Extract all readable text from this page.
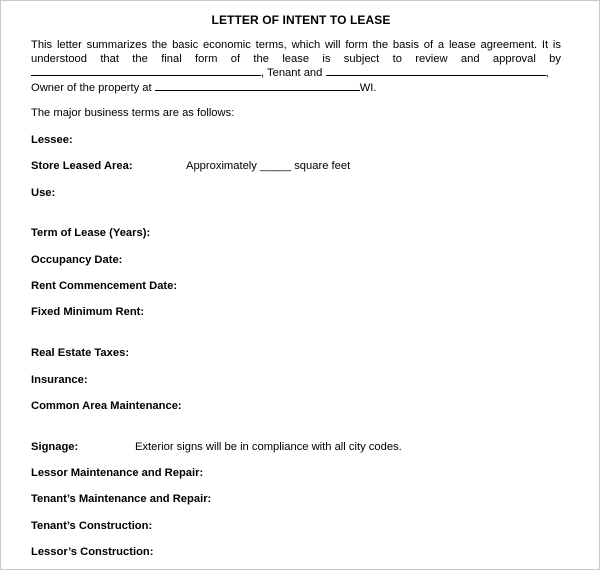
LETTER OF INTENT TO LEASE
This letter summarizes the basic economic terms, which will form the basis of a lease agreement. It is
understood that the final form of the lease is subject to review and approval by
, Tenant and	,
Owner of the property at	WI.
The major business terms are as follows:
Lessee:
Store Leased Area:	Approximately _____ square feet
Use:
Term of Lease (Years):
Occupancy Date:
Rent Commencement Date:
Fixed Minimum Rent:
Real Estate Taxes:
Insurance:
Common Area Maintenance:
Signage:	Exterior signs will be in compliance with all city codes.
Lessor Maintenance and Repair:
Tenant’s Maintenance and Repair:
Tenant’s Construction:
Lessor’s Construction:
